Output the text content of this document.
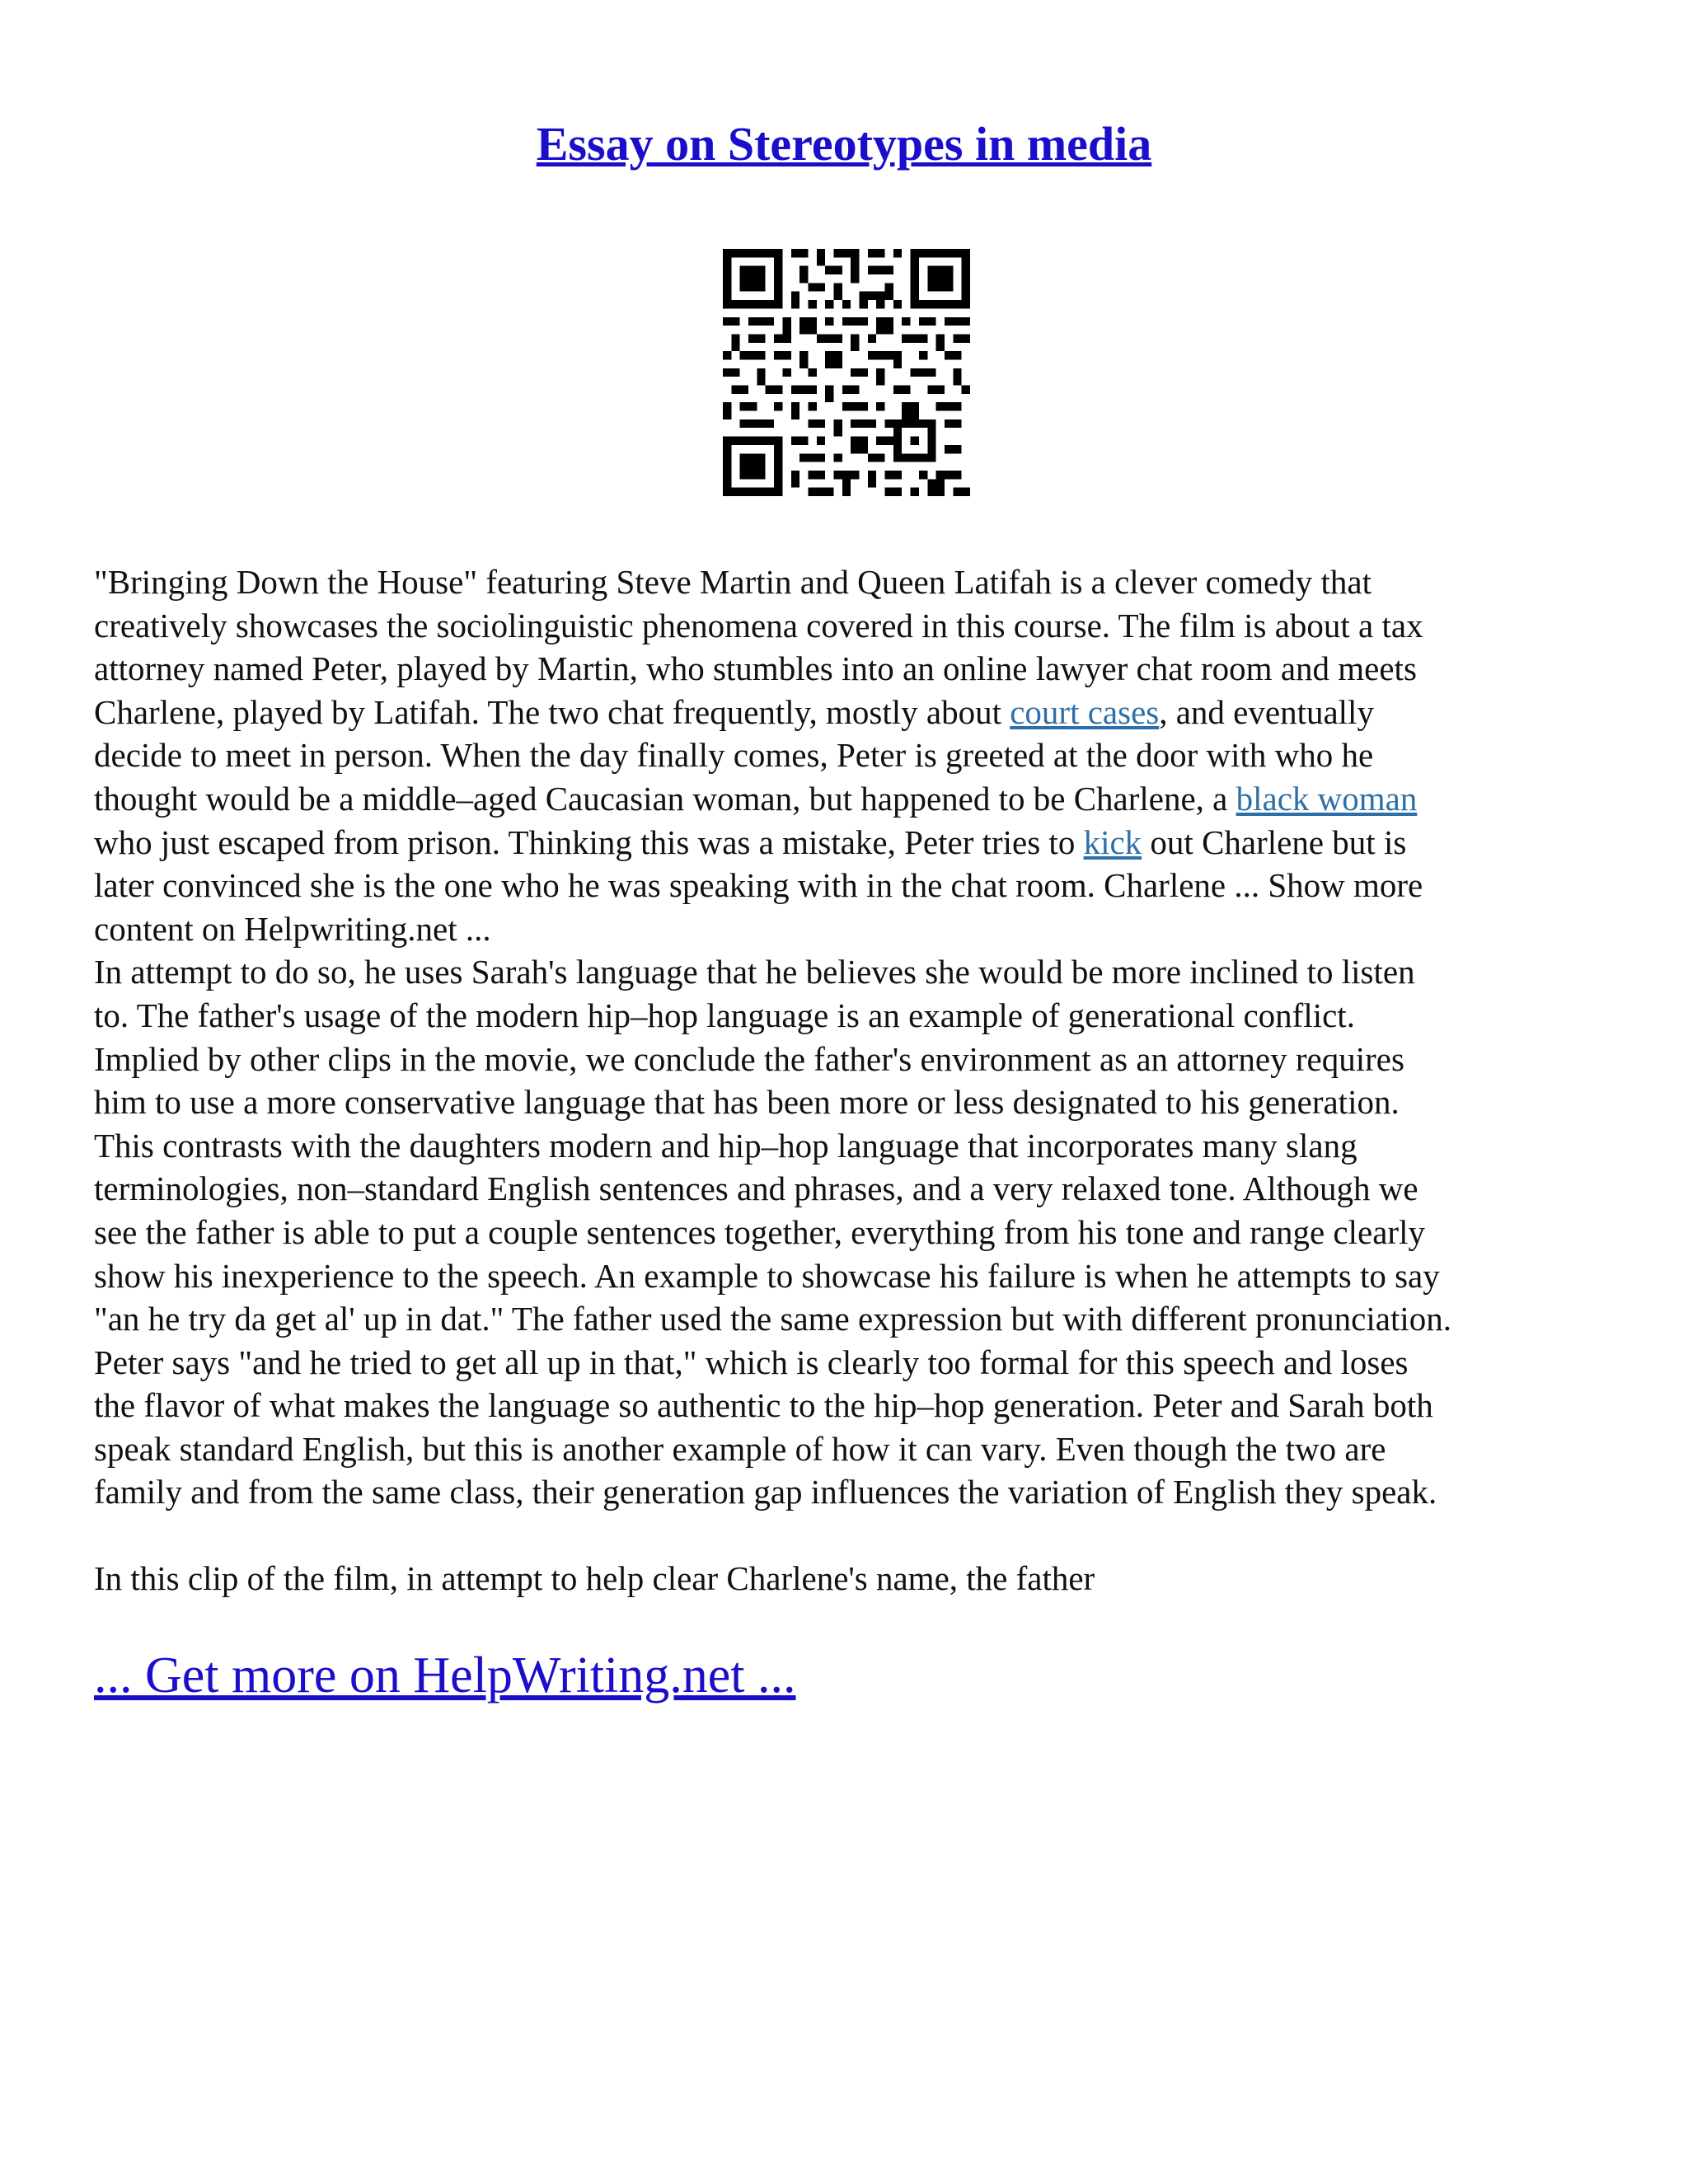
Essay on Stereotypes in media
"Bringing Down the House" featuring Steve Martin and Queen Latifah is a clever comedy that
creatively showcases the sociolinguistic phenomena covered in this course. The film is about a tax
attorney named Peter, played by Martin, who stumbles into an online lawyer chat room and meets
Charlene, played by Latifah. The two chat frequently, mostly about court cases, and eventually
decide to meet in person. When the day finally comes, Peter is greeted at the door with who he
thought would be a middle–aged Caucasian woman, but happened to be Charlene, a black woman
who just escaped from prison. Thinking this was a mistake, Peter tries to kick out Charlene but is
later convinced she is the one who he was speaking with in the chat room. Charlene ... Show more
content on Helpwriting.net ...
In attempt to do so, he uses Sarah's language that he believes she would be more inclined to listen
to. The father's usage of the modern hip–hop language is an example of generational conflict.
Implied by other clips in the movie, we conclude the father's environment as an attorney requires
him to use a more conservative language that has been more or less designated to his generation.
This contrasts with the daughters modern and hip–hop language that incorporates many slang
terminologies, non–standard English sentences and phrases, and a very relaxed tone. Although we
see the father is able to put a couple sentences together, everything from his tone and range clearly
show his inexperience to the speech. An example to showcase his failure is when he attempts to say
"an he try da get al' up in dat." The father used the same expression but with different pronunciation.
Peter says "and he tried to get all up in that," which is clearly too formal for this speech and loses
the flavor of what makes the language so authentic to the hip–hop generation. Peter and Sarah both
speak standard English, but this is another example of how it can vary. Even though the two are
family and from the same class, their generation gap influences the variation of English they speak.
In this clip of the film, in attempt to help clear Charlene's name, the father
... Get more on HelpWriting.net ...
